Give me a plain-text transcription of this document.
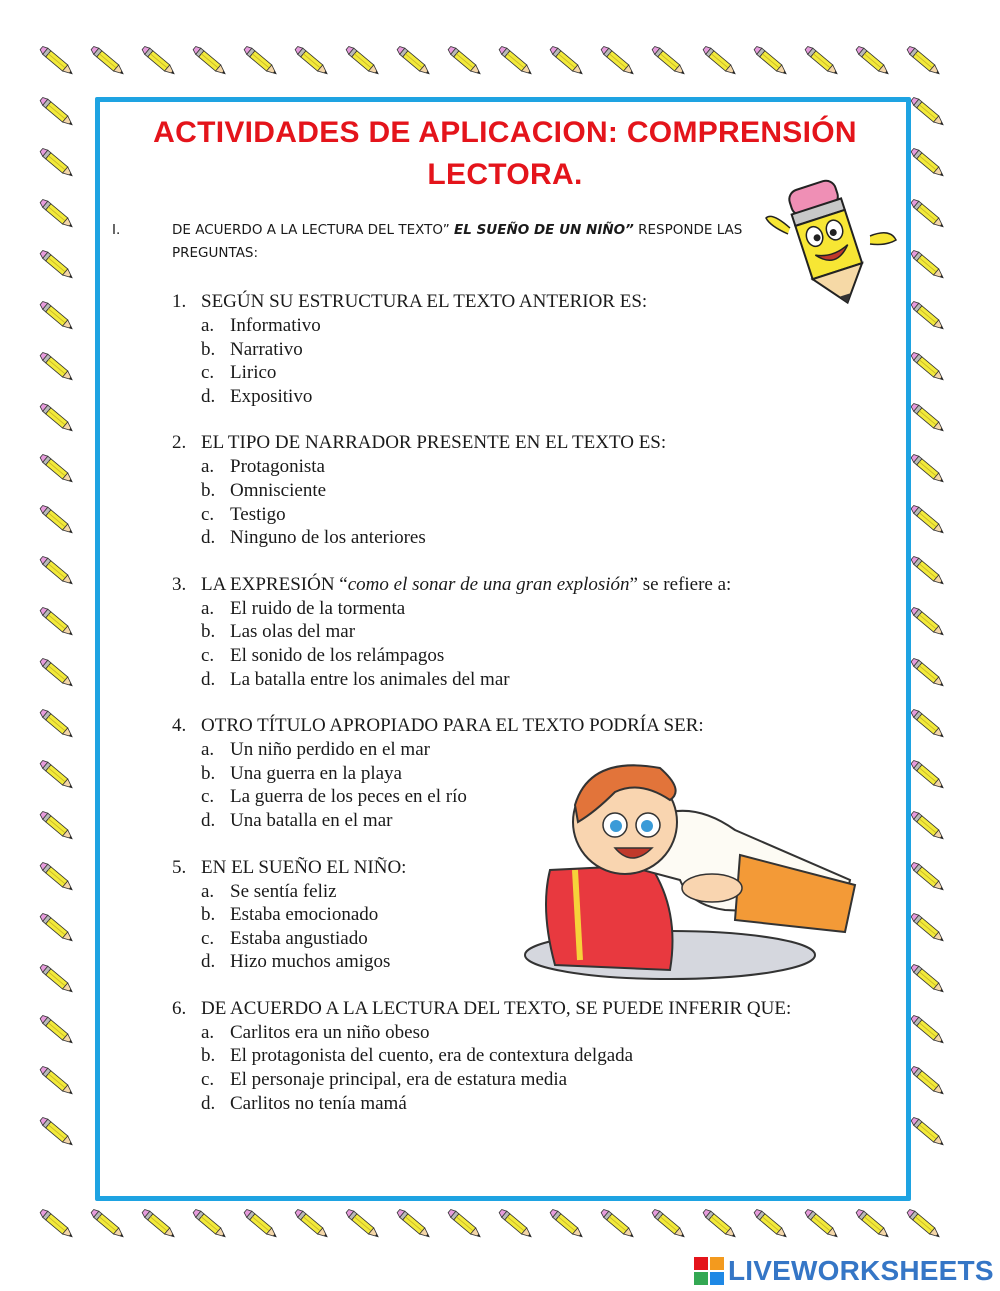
ACTIVIDADES DE APLICACION: COMPRENSIÓN LECTORA.
I.	DE ACUERDO A LA LECTURA DEL TEXTO” EL SUEÑO DE UN NIÑO” RESPONDE LAS PREGUNTAS:
1. SEGÚN SU ESTRUCTURA EL TEXTO ANTERIOR ES:
a. Informativo
b. Narrativo
c. Lirico
d. Expositivo
2. EL TIPO DE NARRADOR PRESENTE EN EL TEXTO ES:
a. Protagonista
b. Omnisciente
c. Testigo
d. Ninguno de los anteriores
3. LA EXPRESIÓN “como el sonar de una gran explosión” se refiere a:
a. El ruido de la tormenta
b. Las olas del mar
c. El sonido de los relámpagos
d. La batalla entre los animales del mar
4. OTRO TÍTULO APROPIADO PARA EL TEXTO PODRÍA SER:
a. Un niño perdido en el mar
b. Una guerra en la playa
c. La guerra de los peces en el río
d. Una batalla en el mar
5. EN EL SUEÑO EL NIÑO:
a. Se sentía feliz
b. Estaba emocionado
c. Estaba angustiado
d. Hizo muchos amigos
6. DE ACUERDO A LA LECTURA DEL TEXTO, SE PUEDE INFERIR QUE:
a. Carlitos era un niño obeso
b. El protagonista del cuento, era de contextura delgada
c. El personaje principal, era de estatura media
d. Carlitos no tenía mamá
LIVEWORKSHEETS
